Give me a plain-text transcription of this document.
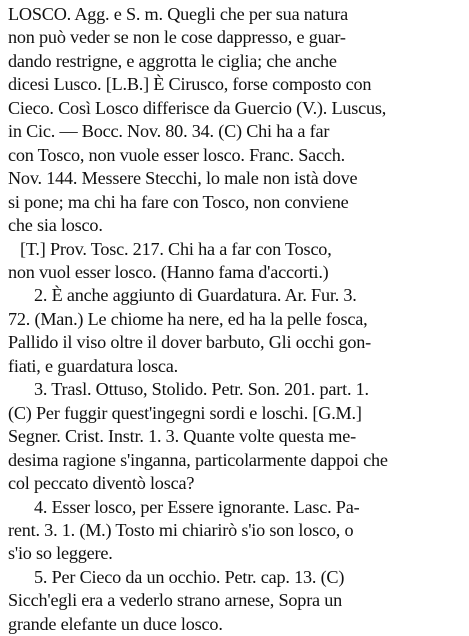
LOSCO. Agg. e S. m. Quegli che per sua natura
non può veder se non le cose dappresso, e guar-
dando restrigne, e aggrotta le ciglia; che anche
dicesi Lusco. [L.B.] È Cirusco, forse composto con
Cieco. Così Losco differisce da Guercio (V.). Luscus,
in Cic. — Bocc. Nov. 80. 34. (C) Chi ha a far
con Tosco, non vuole esser losco. Franc. Sacch.
Nov. 144. Messere Stecchi, lo male non istà dove
si pone; ma chi ha fare con Tosco, non conviene
che sia losco.
[T.] Prov. Tosc. 217. Chi ha a far con Tosco,
non vuol esser losco. (Hanno fama d'accorti.)
2. È anche aggiunto di Guardatura. Ar. Fur. 3.
72. (Man.) Le chiome ha nere, ed ha la pelle fosca,
Pallido il viso oltre il dover barbuto, Gli occhi gon-
fiati, e guardatura losca.
3. Trasl. Ottuso, Stolido. Petr. Son. 201. part. 1.
(C) Per fuggir quest'ingegni sordi e loschi. [G.M.]
Segner. Crist. Instr. 1. 3. Quante volte questa me-
desima ragione s'inganna, particolarmente dappoi che
col peccato diventò losca?
4. Esser losco, per Essere ignorante. Lasc. Pa-
rent. 3. 1. (M.) Tosto mi chiarirò s'io son losco, o
s'io so leggere.
5. Per Cieco da un occhio. Petr. cap. 13. (C)
Sicch'egli era a vederlo strano arnese, Sopra un
grande elefante un duce losco.
